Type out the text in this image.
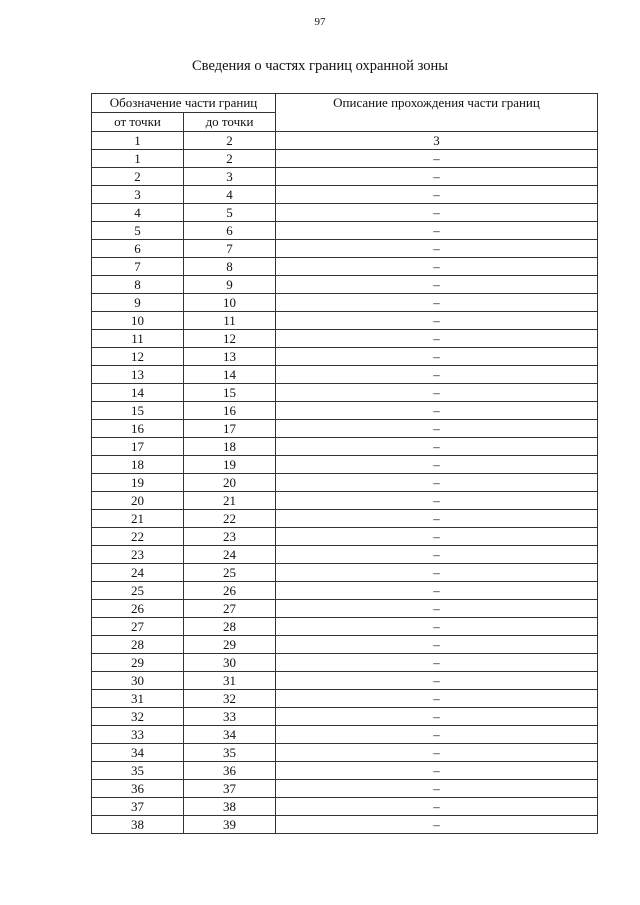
97
Сведения о частях границ охранной зоны
Обозначение части границ		Описание прохождения части границ
от точки	до точки	
1	2	3
1	2	–
2	3	–
3	4	–
4	5	–
5	6	–
6	7	–
7	8	–
8	9	–
9	10	–
10	11	–
11	12	–
12	13	–
13	14	–
14	15	–
15	16	–
16	17	–
17	18	–
18	19	–
19	20	–
20	21	–
21	22	–
22	23	–
23	24	–
24	25	–
25	26	–
26	27	–
27	28	–
28	29	–
29	30	–
30	31	–
31	32	–
32	33	–
33	34	–
34	35	–
35	36	–
36	37	–
37	38	–
38	39	–
